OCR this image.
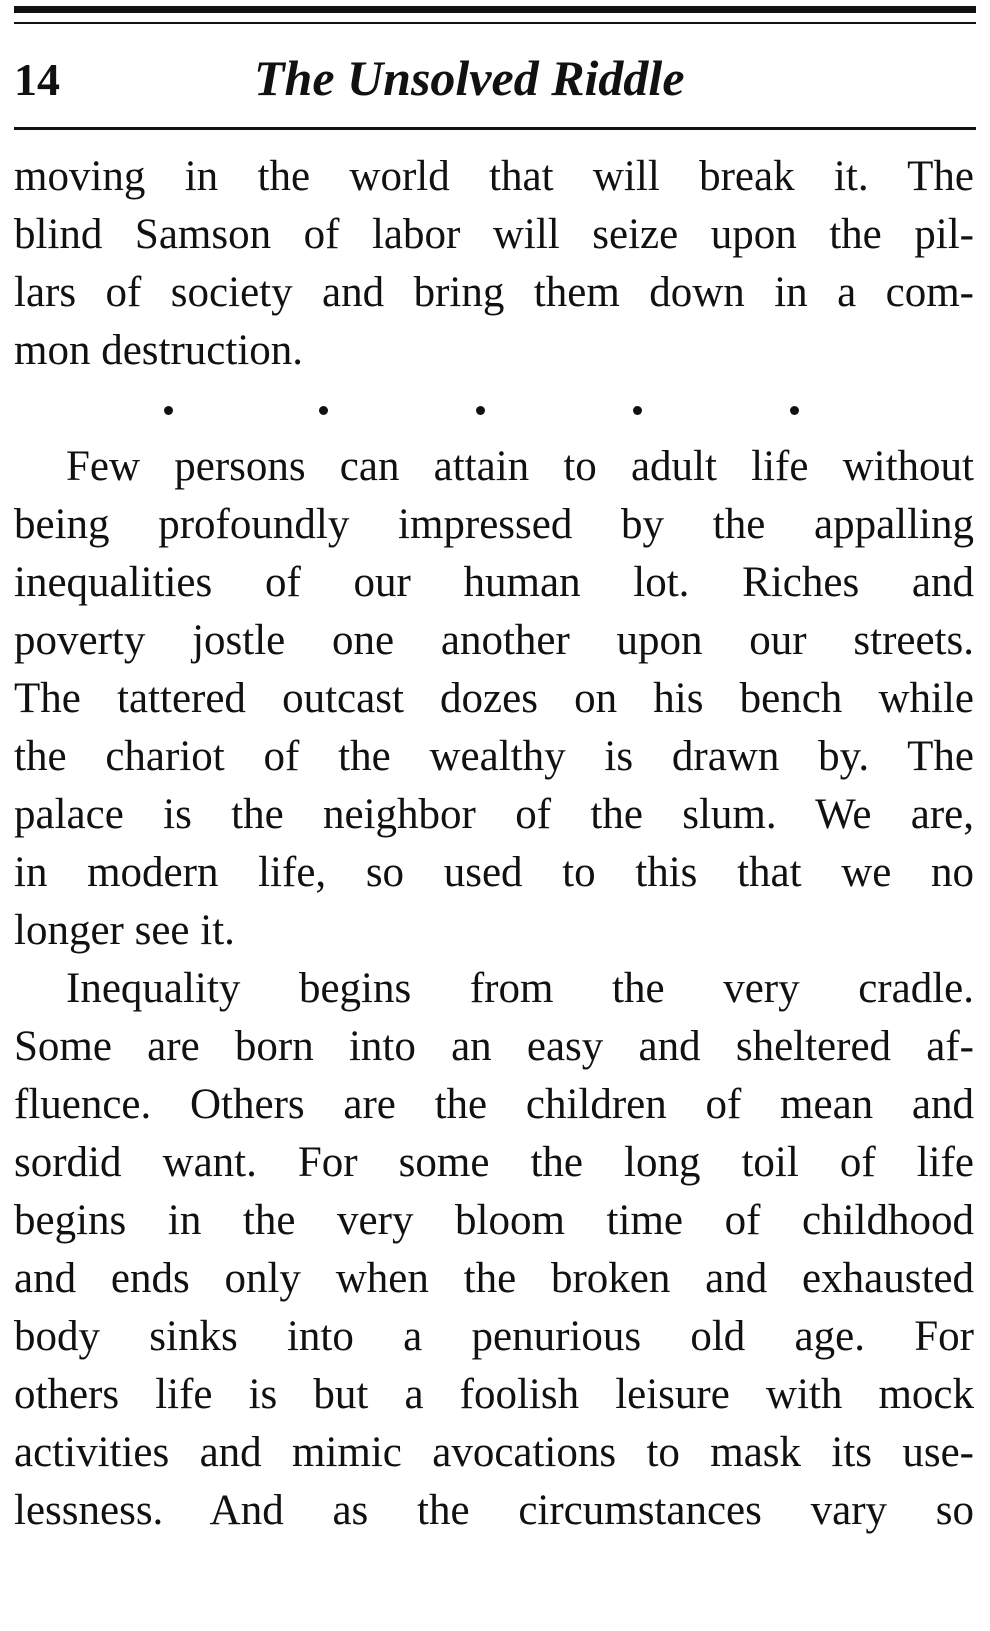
14	The Unsolved Riddle
moving in the world that will break it. The
blind Samson of labor will seize upon the pil-
lars of society and bring them down in a com-
mon destruction.
Few persons can attain to adult life without
being profoundly impressed by the appalling
inequalities of our human lot. Riches and
poverty jostle one another upon our streets.
The tattered outcast dozes on his bench while
the chariot of the wealthy is drawn by. The
palace is the neighbor of the slum. We are,
in modern life, so used to this that we no
longer see it.
Inequality begins from the very cradle.
Some are born into an easy and sheltered af-
fluence. Others are the children of mean and
sordid want. For some the long toil of life
begins in the very bloom time of childhood
and ends only when the broken and exhausted
body sinks into a penurious old age. For
others life is but a foolish leisure with mock
activities and mimic avocations to mask its use-
lessness. And as the circumstances vary so
